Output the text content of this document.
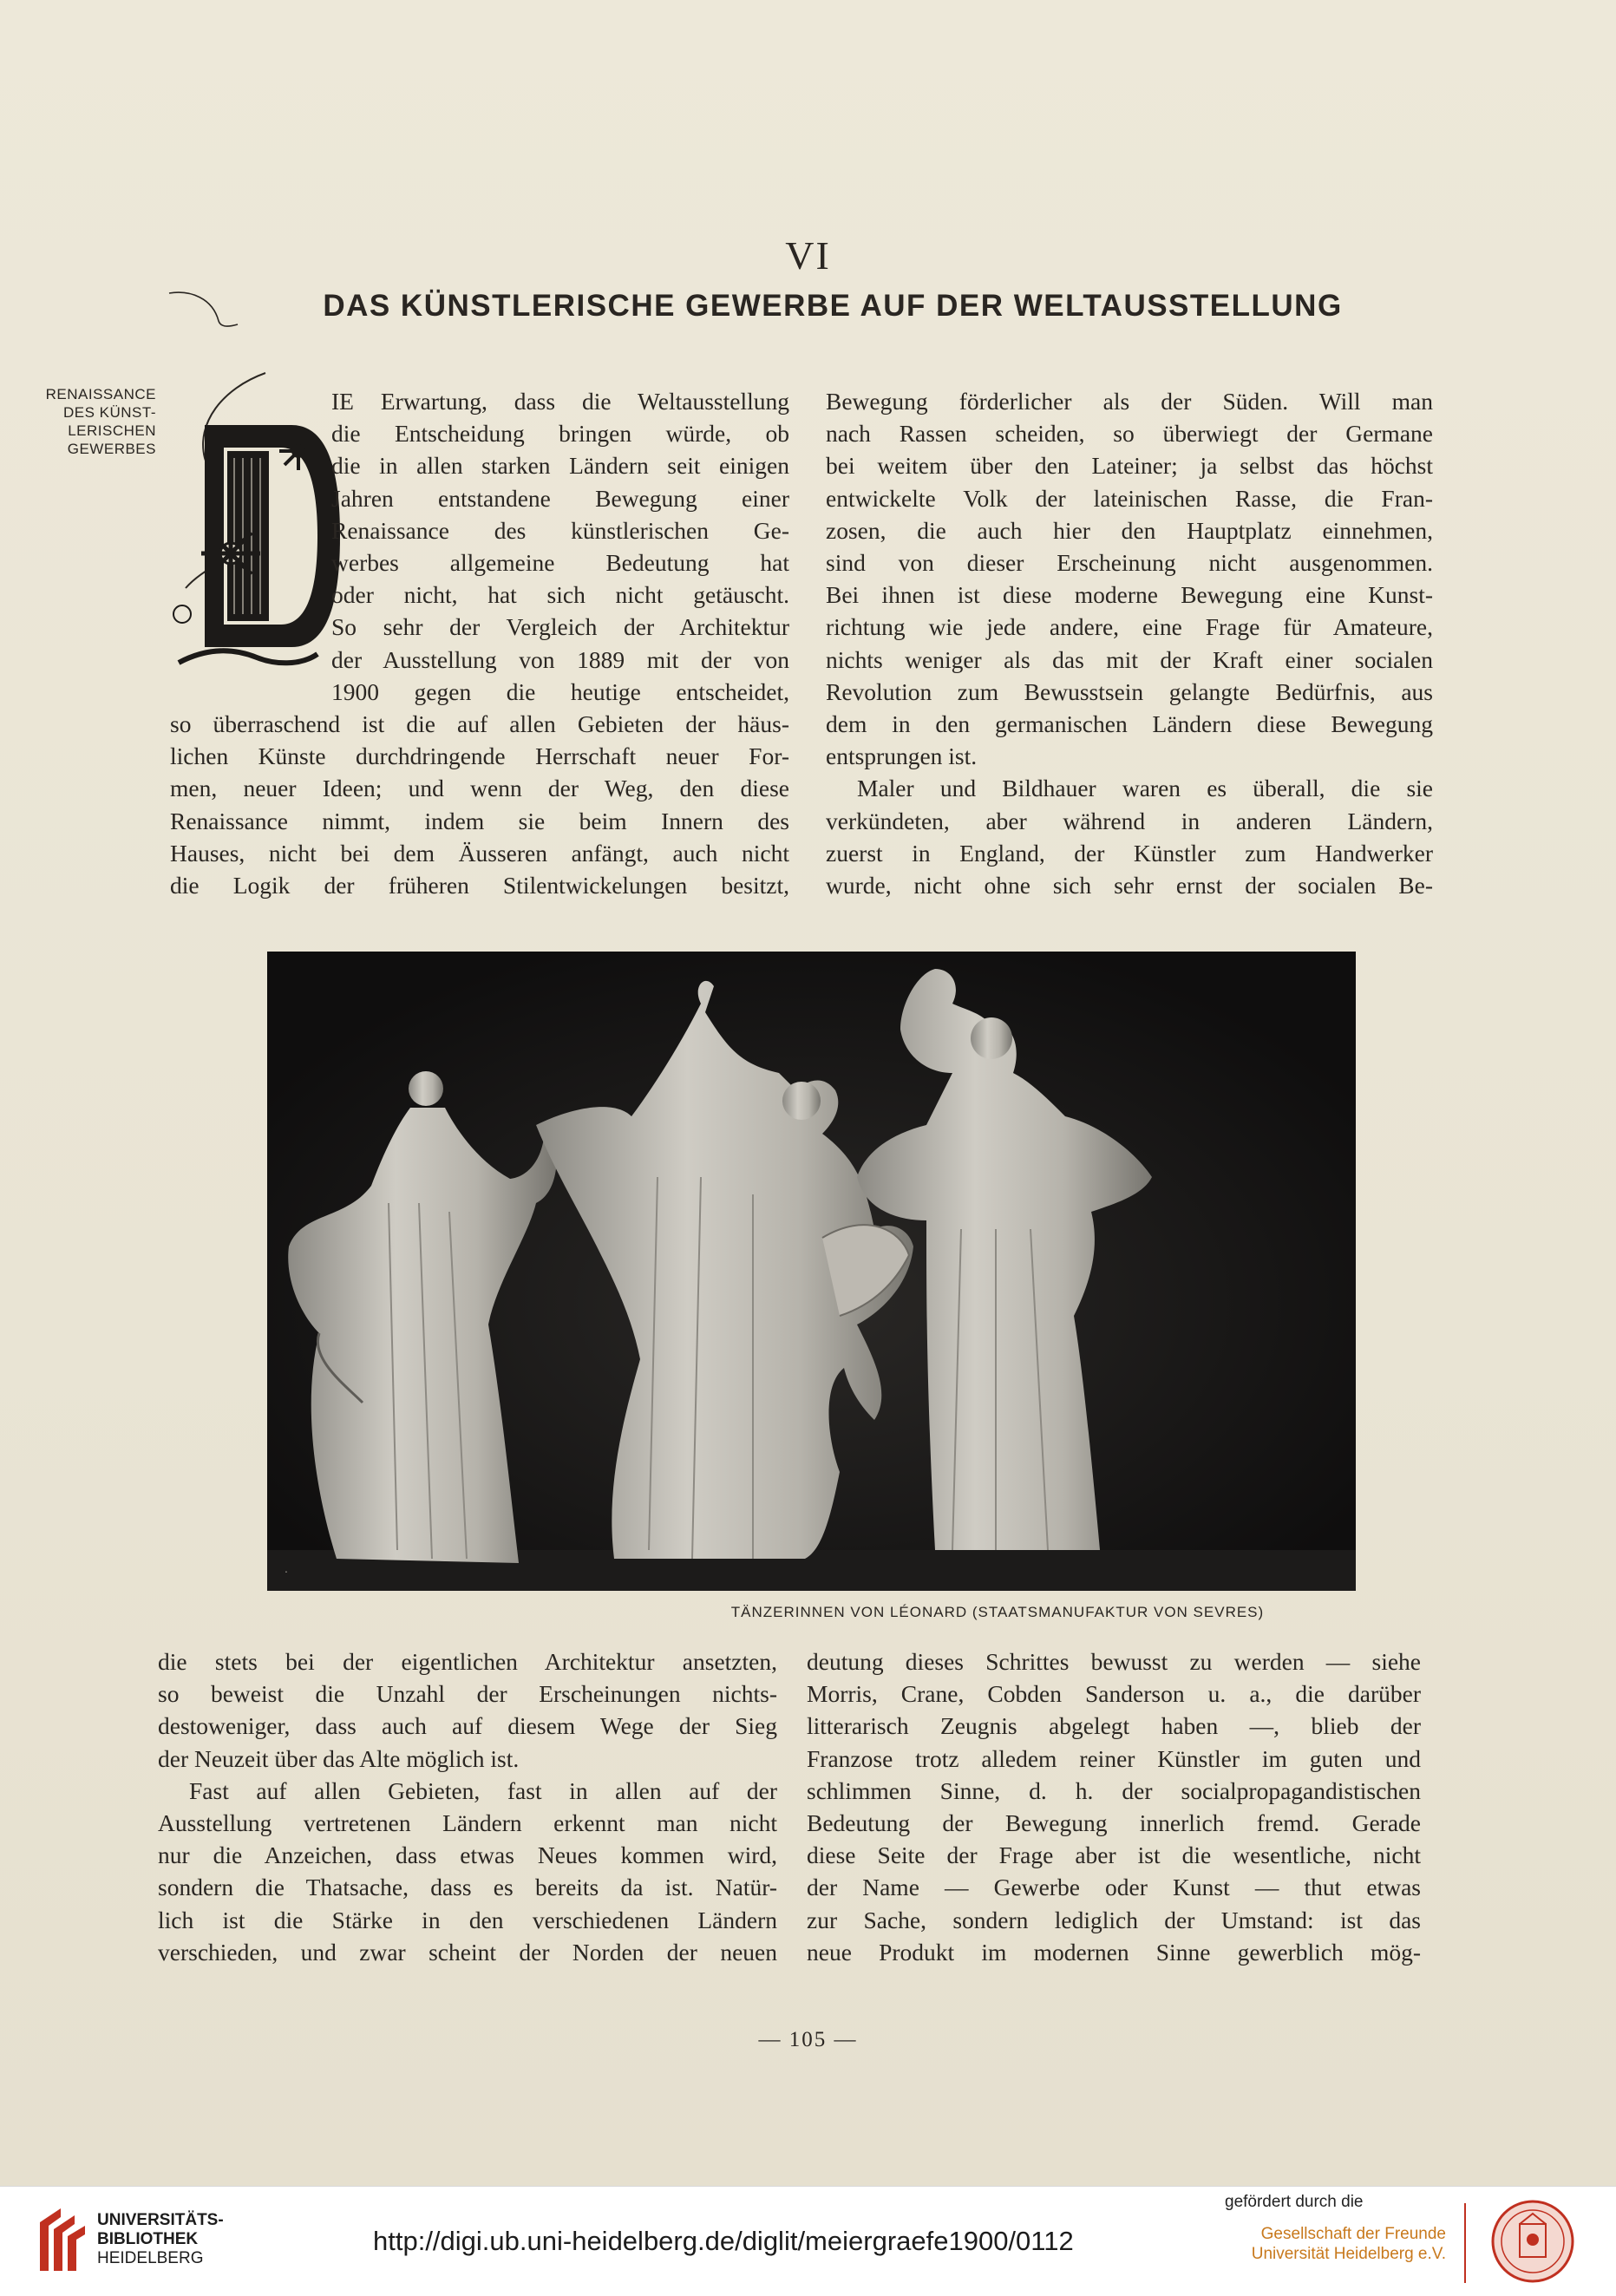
VI
DAS KÜNSTLERISCHE GEWERBE AUF DER WELTAUSSTELLUNG
RENAISSANCE
DES KÜNST-
LERISCHEN
GEWERBES
IE Erwartung, dass die Weltausstellung
die Entscheidung bringen würde, ob
die in allen starken Ländern seit einigen
Jahren entstandene Bewegung einer
Renaissance des künstlerischen Ge-
werbes allgemeine Bedeutung hat
oder nicht, hat sich nicht getäuscht.
So sehr der Vergleich der Architektur
der Ausstellung von 1889 mit der von
1900 gegen die heutige entscheidet,
so überraschend ist die auf allen Gebieten der häus-
lichen Künste durchdringende Herrschaft neuer For-
men, neuer Ideen; und wenn der Weg, den diese
Renaissance nimmt, indem sie beim Innern des
Hauses, nicht bei dem Äusseren anfängt, auch nicht
die Logik der früheren Stilentwickelungen besitzt,
Bewegung förderlicher als der Süden. Will man
nach Rassen scheiden, so überwiegt der Germane
bei weitem über den Lateiner; ja selbst das höchst
entwickelte Volk der lateinischen Rasse, die Fran-
zosen, die auch hier den Hauptplatz einnehmen,
sind von dieser Erscheinung nicht ausgenommen.
Bei ihnen ist diese moderne Bewegung eine Kunst-
richtung wie jede andere, eine Frage für Amateure,
nichts weniger als das mit der Kraft einer socialen
Revolution zum Bewusstsein gelangte Bedürfnis, aus
dem in den germanischen Ländern diese Bewegung
entsprungen ist.
Maler und Bildhauer waren es überall, die sie
verkündeten, aber während in anderen Ländern,
zuerst in England, der Künstler zum Handwerker
wurde, nicht ohne sich sehr ernst der socialen Be-
·
TÄNZERINNEN VON LÉONARD (STAATSMANUFAKTUR VON SEVRES)
die stets bei der eigentlichen Architektur ansetzten,
so beweist die Unzahl der Erscheinungen nichts-
destoweniger, dass auch auf diesem Wege der Sieg
der Neuzeit über das Alte möglich ist.
Fast auf allen Gebieten, fast in allen auf der
Ausstellung vertretenen Ländern erkennt man nicht
nur die Anzeichen, dass etwas Neues kommen wird,
sondern die Thatsache, dass es bereits da ist. Natür-
lich ist die Stärke in den verschiedenen Ländern
verschieden, und zwar scheint der Norden der neuen
deutung dieses Schrittes bewusst zu werden — siehe
Morris, Crane, Cobden Sanderson u. a., die darüber
litterarisch Zeugnis abgelegt haben —, blieb der
Franzose trotz alledem reiner Künstler im guten und
schlimmen Sinne, d. h. der socialpropagandistischen
Bedeutung der Bewegung innerlich fremd. Gerade
diese Seite der Frage aber ist die wesentliche, nicht
der Name — Gewerbe oder Kunst — thut etwas
zur Sache, sondern lediglich der Umstand: ist das
neue Produkt im modernen Sinne gewerblich mög-
— 105 —
UNIVERSITÄTS-
BIBLIOTHEK
HEIDELBERG
http://digi.ub.uni-heidelberg.de/diglit/meiergraefe1900/0112
gefördert durch die
Gesellschaft der Freunde
Universität Heidelberg e.V.
